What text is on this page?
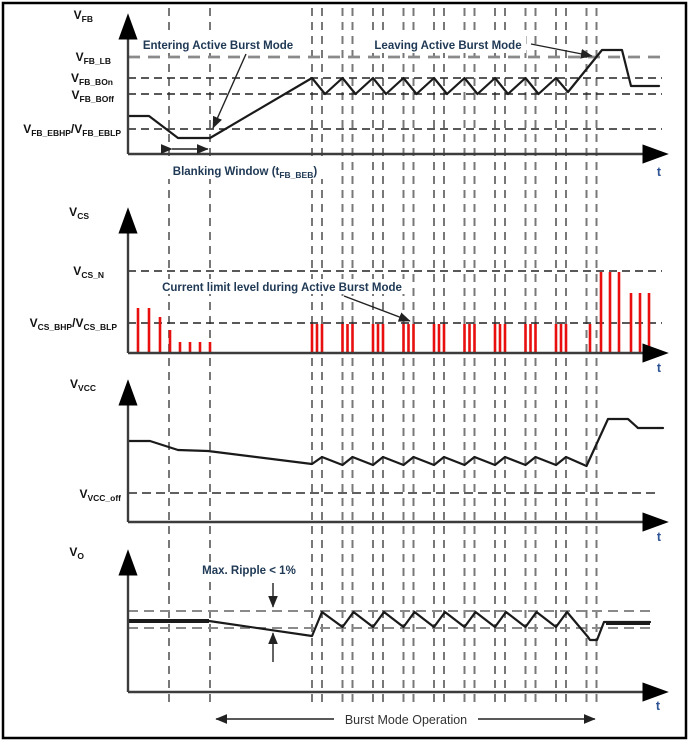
$V_{FB}$
$V_{FB\_LB}$
$V_{FB\_BOn}$
$V_{FB\_BOff}$
$V_{FB\_EBHP}/V_{FB\_EBLP}$
t
Entering Active Burst Mode	Leaving Active Burst Mode
Blanking Window $(t_{FB\_BEB})$
$V_{CS}$
$V_{CS\_N}$
$V_{CS\_BHP}/V_{CS\_BLP}$
t
Current limit level during Active Burst Mode
$V_{VCC}$
$V_{VCC\_off}$
t
$V_O$
t
Max. Ripple < 1%
Burst Mode Operation
